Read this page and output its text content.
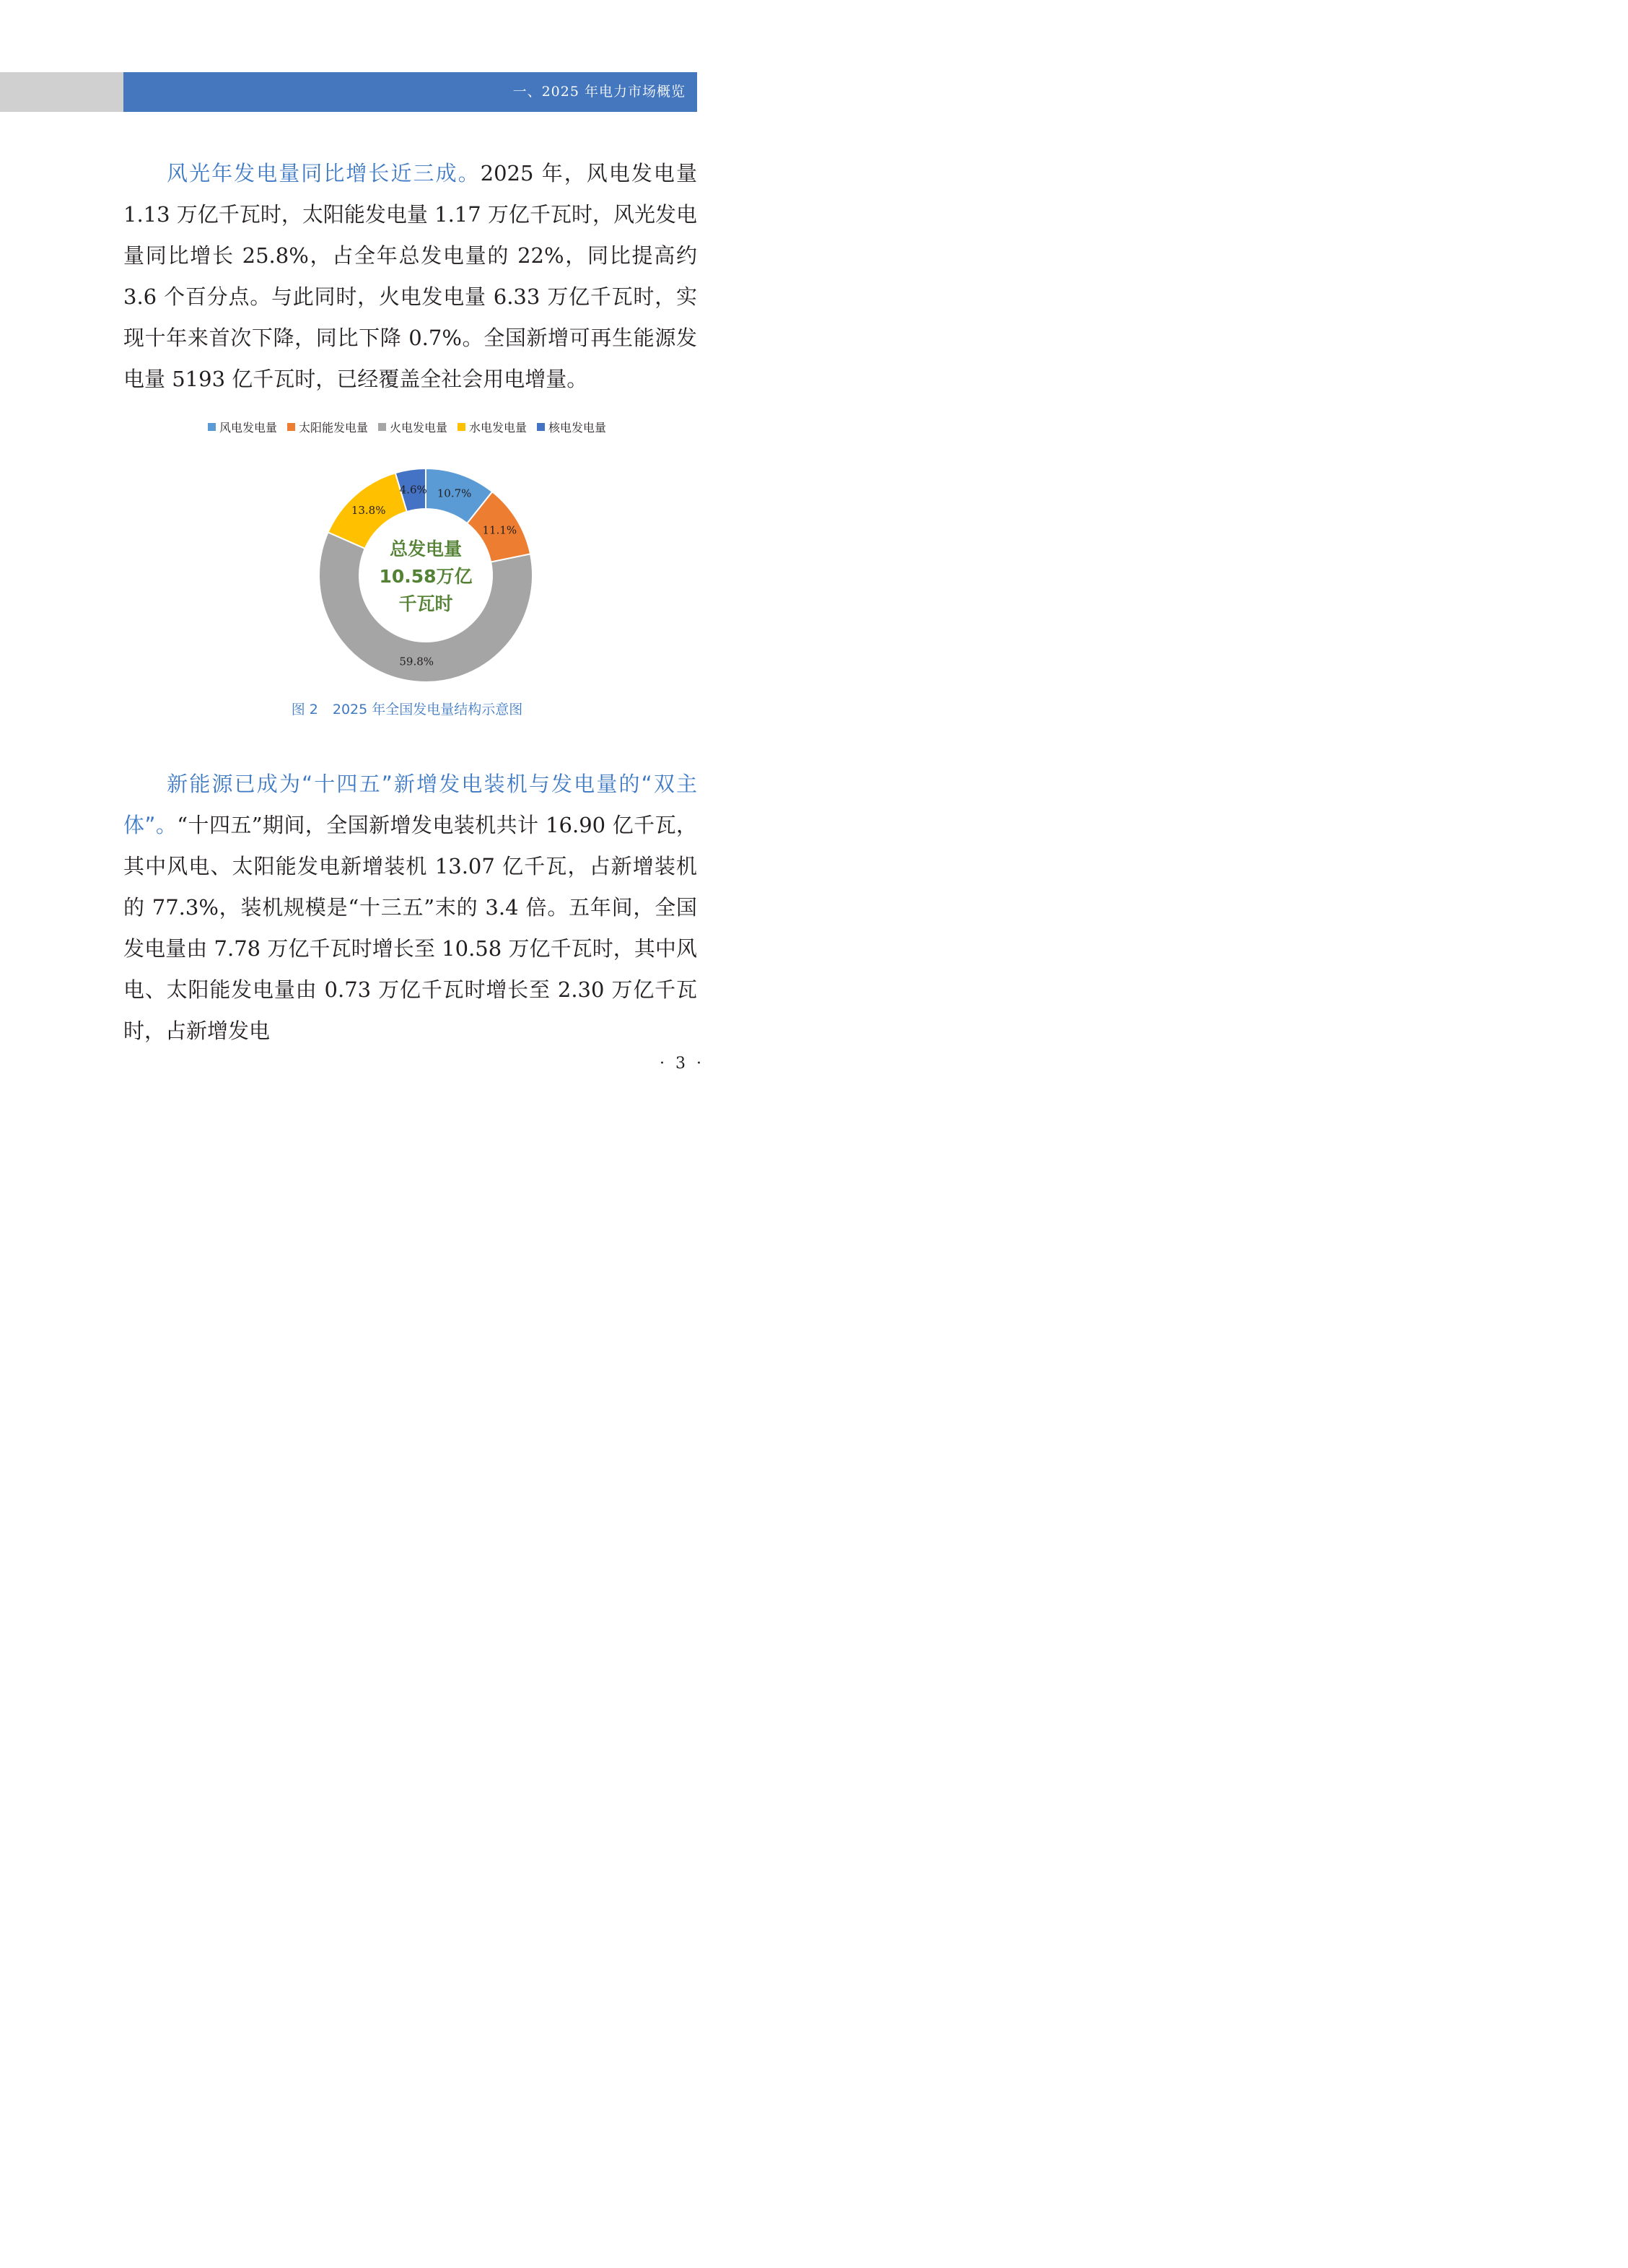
一、2025 年电力市场概览

风光年发电量同比增长近三成。2025 年，风电发电量 1.13 万亿千瓦时，太阳能发电量 1.17 万亿千瓦时，风光发电量同比增长 25.8%，占全年总发电量的 22%，同比提高约 3.6 个百分点。与此同时，火电发电量 6.33 万亿千瓦时，实现十年来首次下降，同比下降 0.7%。全国新增可再生能源发电量 5193 亿千瓦时，已经覆盖全社会用电增量。

风电发电量 太阳能发电量 火电发电量 水电发电量 核电发电量
10.7%
11.1%
59.8%
13.8%
4.6%
总发电量
10.58万亿
千瓦时
图 2 2025 年全国发电量结构示意图

新能源已成为“十四五”新增发电装机与发电量的“双主体”。“十四五”期间，全国新增发电装机共计 16.90 亿千瓦，其中风电、太阳能发电新增装机 13.07 亿千瓦，占新增装机的 77.3%，装机规模是“十三五”末的 3.4 倍。五年间，全国发电量由 7.78 万亿千瓦时增长至 10.58 万亿千瓦时，其中风电、太阳能发电量由 0.73 万亿千瓦时增长至 2.30 万亿千瓦时，占新增发电

· 3 ·
